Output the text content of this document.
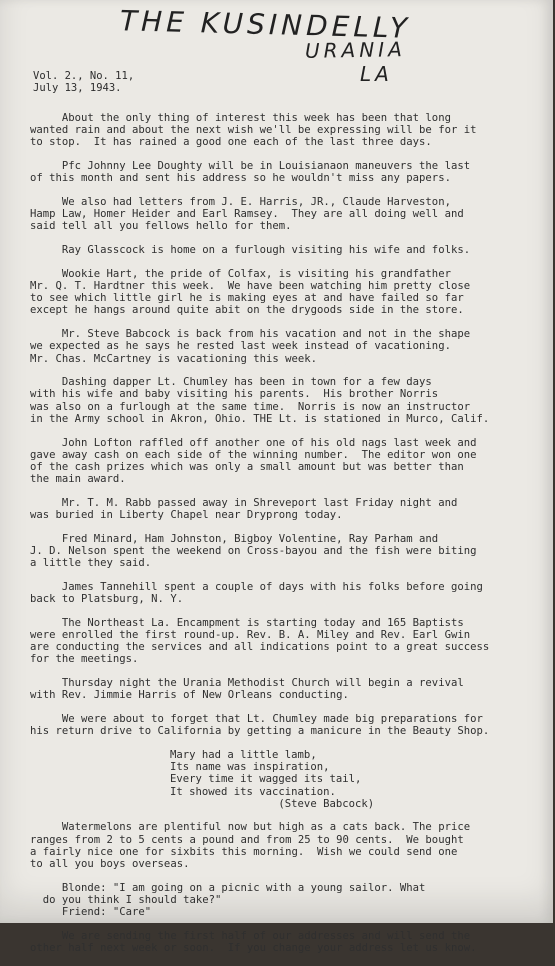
THE KUSINDELLY
URANIA
LA
Vol. 2., No. 11,
July 13, 1943.

About the only thing of interest this week has been that long
wanted rain and about the next wish we'll be expressing will be for it
to stop.  It has rained a good one each of the last three days.

Pfc Johnny Lee Doughty will be in Louisianaon maneuvers the last
of this month and sent his address so he wouldn't miss any papers.

We also had letters from J. E. Harris, JR., Claude Harveston,
Hamp Law, Homer Heider and Earl Ramsey.  They are all doing well and
said tell all you fellows hello for them.

Ray Glasscock is home on a furlough visiting his wife and folks.

Wookie Hart, the pride of Colfax, is visiting his grandfather
Mr. Q. T. Hardtner this week.  We have been watching him pretty close
to see which little girl he is making eyes at and have failed so far
except he hangs around quite abit on the drygoods side in the store.

Mr. Steve Babcock is back from his vacation and not in the shape
we expected as he says he rested last week instead of vacationing.
Mr. Chas. McCartney is vacationing this week.

Dashing dapper Lt. Chumley has been in town for a few days
with his wife and baby visiting his parents.  His brother Norris
was also on a furlough at the same time.  Norris is now an instructor
in the Army school in Akron, Ohio. THE Lt. is stationed in Murco, Calif.

John Lofton raffled off another one of his old nags last week and
gave away cash on each side of the winning number.  The editor won one
of the cash prizes which was only a small amount but was better than
the main award.

Mr. T. M. Rabb passed away in Shreveport last Friday night and
was buried in Liberty Chapel near Dryprong today.

Fred Minard, Ham Johnston, Bigboy Volentine, Ray Parham and
J. D. Nelson spent the weekend on Cross-bayou and the fish were biting
a little they said.

James Tannehill spent a couple of days with his folks before going
back to Platsburg, N. Y.

The Northeast La. Encampment is starting today and 165 Baptists
were enrolled the first round-up. Rev. B. A. Miley and Rev. Earl Gwin
are conducting the services and all indications point to a great success
for the meetings.

Thursday night the Urania Methodist Church will begin a revival
with Rev. Jimmie Harris of New Orleans conducting.

We were about to forget that Lt. Chumley made big preparations for
his return drive to California by getting a manicure in the Beauty Shop.

Mary had a little lamb,
Its name was inspiration,
Every time it wagged its tail,
It showed its vaccination.
(Steve Babcock)

Watermelons are plentiful now but high as a cats back. The price
ranges from 2 to 5 cents a pound and from 25 to 90 cents.  We bought
a fairly nice one for sixbits this morning.  Wish we could send one
to all you boys overseas.

Blonde: "I am going on a picnic with a young sailor. What
do you think I should take?"
Friend: "Care"

We are sending the first half of our addresses and will send the
other half next week or soon.  If you change your address let us know.
